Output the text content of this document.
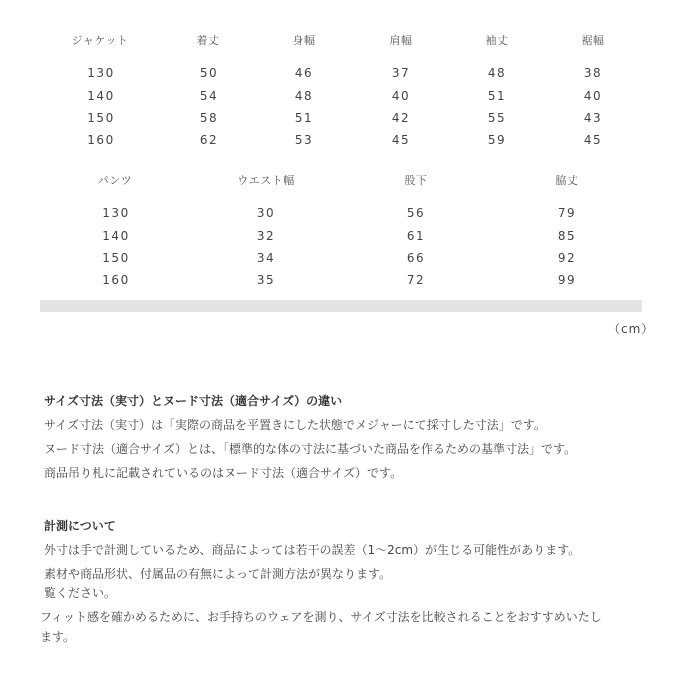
ジャケット	着丈	身幅	肩幅	袖丈	裾幅
130	50	46	37	48	38
140	54	48	40	51	40
150	58	51	42	55	43
160	62	53	45	59	45
パンツ	ウエスト幅	股下	脇丈
130	30	56	79
140	32	61	85
150	34	66	92
160	35	72	99
（cm）
サイズ寸法（実寸）とヌード寸法（適合サイズ）の違い
サイズ寸法（実寸）は「実際の商品を平置きにした状態でメジャーにて採寸した寸法」です。
ヌード寸法（適合サイズ）とは、「標準的な体の寸法に基づいた商品を作るための基準寸法」です。
商品吊り札に記載されているのはヌード寸法（適合サイズ）です。
計測について
外寸は手で計測しているため、商品によっては若干の誤差（1～2cm）が生じる可能性があります。
素材や商品形状、付属品の有無によって計測方法が異なります。
覧ください。
フィット感を確かめるために、お手持ちのウェアを測り、サイズ寸法を比較されることをおすすめいたし
ます。
